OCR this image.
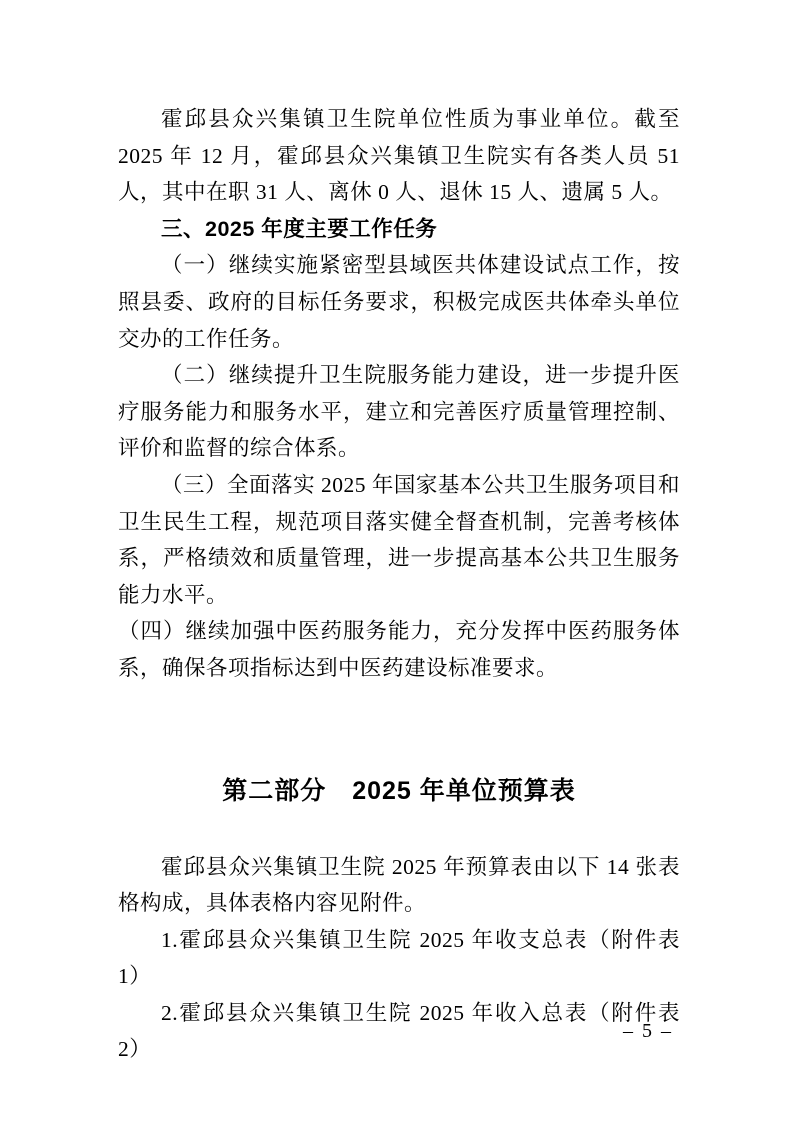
霍邱县众兴集镇卫生院单位性质为事业单位。截至 2025 年 12 月，霍邱县众兴集镇卫生院实有各类人员 51 人，其中在职 31 人、离休 0 人、退休 15 人、遗属 5 人。

三、2025 年度主要工作任务

（一）继续实施紧密型县域医共体建设试点工作，按照县委、政府的目标任务要求，积极完成医共体牵头单位交办的工作任务。

（二）继续提升卫生院服务能力建设，进一步提升医疗服务能力和服务水平，建立和完善医疗质量管理控制、评价和监督的综合体系。

（三）全面落实 2025 年国家基本公共卫生服务项目和卫生民生工程，规范项目落实健全督查机制，完善考核体系，严格绩效和质量管理，进一步提高基本公共卫生服务能力水平。

（四）继续加强中医药服务能力，充分发挥中医药服务体系，确保各项指标达到中医药建设标准要求。

第二部分　2025 年单位预算表

霍邱县众兴集镇卫生院 2025 年预算表由以下 14 张表格构成，具体表格内容见附件。

1.霍邱县众兴集镇卫生院 2025 年收支总表（附件表 1）
2.霍邱县众兴集镇卫生院 2025 年收入总表（附件表 2）
– 5 –
